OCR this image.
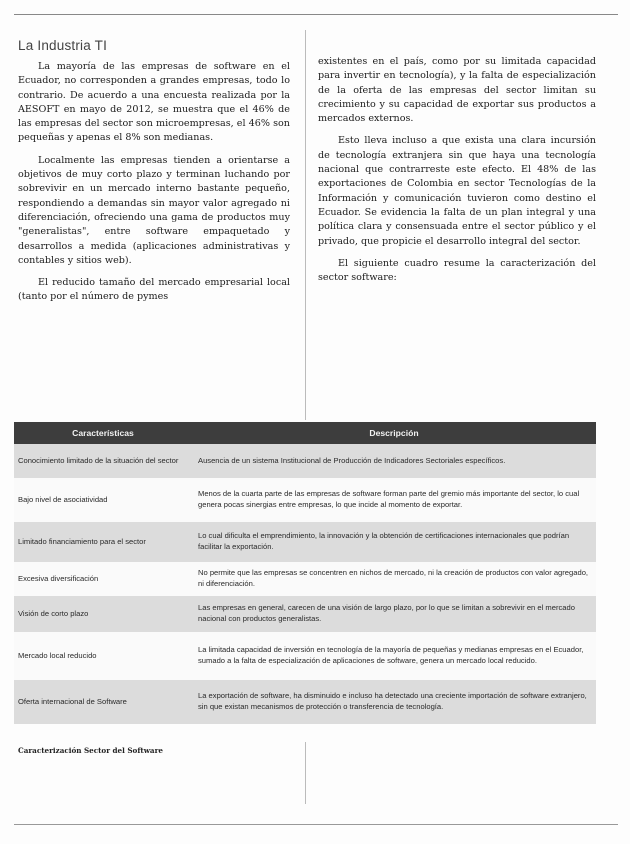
La Industria TI

La mayoría de las empresas de software en el Ecuador, no corresponden a grandes empresas, todo lo contrario. De acuerdo a una encuesta realizada por la AESOFT en mayo de 2012, se muestra que el 46% de las empresas del sector son microempresas, el 46% son pequeñas y apenas el 8% son medianas.

Localmente las empresas tienden a orientarse a objetivos de muy corto plazo y terminan luchando por sobrevivir en un mercado interno bastante pequeño, respondiendo a demandas sin mayor valor agregado ni diferenciación, ofreciendo una gama de productos muy "generalistas", entre software empaquetado y desarrollos a medida (aplicaciones administrativas y contables y sitios web).

El reducido tamaño del mercado empresarial local (tanto por el número de pymes

existentes en el país, como por su limitada capacidad para invertir en tecnología), y la falta de especialización de la oferta de las empresas del sector limitan su crecimiento y su capacidad de exportar sus productos a mercados externos.

Esto lleva incluso a que exista una clara incursión de tecnología extranjera sin que haya una tecnología nacional que contrarreste este efecto. El 48% de las exportaciones de Colombia en sector Tecnologías de la Información y comunicación tuvieron como destino el Ecuador. Se evidencia la falta de un plan integral y una política clara y consensuada entre el sector público y el privado, que propicie el desarrollo integral del sector.

El siguiente cuadro resume la caracterización del sector software:

Características	Descripción
Conocimiento limitado de la situación del sector	Ausencia de un sistema Institucional de Producción de Indicadores Sectoriales específicos.
Bajo nivel de asociatividad	Menos de la cuarta parte de las empresas de software forman parte del gremio más importante del sector, lo cual genera pocas sinergias entre empresas, lo que incide al momento de exportar.
Limitado financiamiento para el sector	Lo cual dificulta el emprendimiento, la innovación y la obtención de certificaciones internacionales que podrían facilitar la exportación.
Excesiva diversificación	No permite que las empresas se concentren en nichos de mercado, ni la creación de productos con valor agregado, ni diferenciación.
Visión de corto plazo	Las empresas en general, carecen de una visión de largo plazo, por lo que se limitan a sobrevivir en el mercado nacional con productos generalistas.
Mercado local reducido	La limitada capacidad de inversión en tecnología de la mayoría de pequeñas y medianas empresas en el Ecuador, sumado a la falta de especialización de aplicaciones de software, genera un mercado local reducido.
Oferta internacional de Software	La exportación de software, ha disminuido e incluso ha detectado una creciente importación de software extranjero, sin que existan mecanismos de protección o transferencia de tecnología.
Caracterización Sector del Software
